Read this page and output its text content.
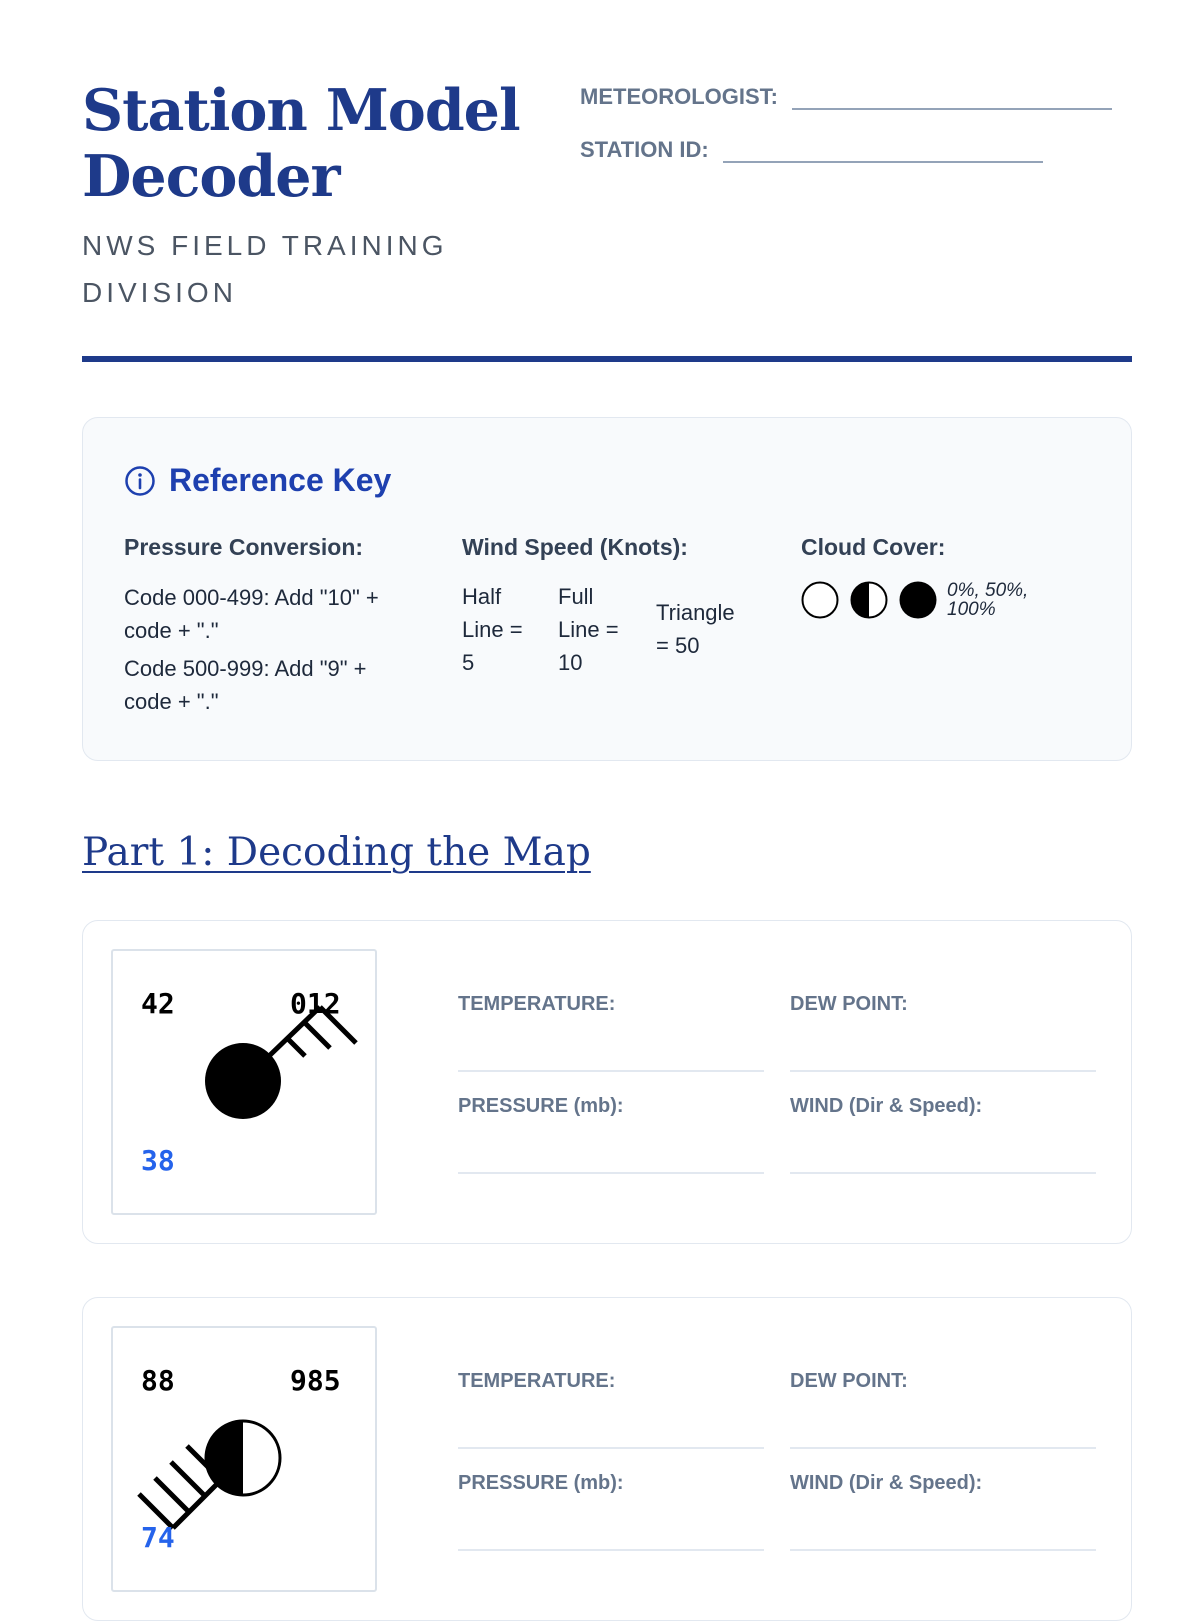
Station Model Decoder
NWS FIELD TRAINING DIVISION
METEOROLOGIST:
STATION ID:
Reference Key
Pressure Conversion:
Code 000-499: Add "10" + code + "."
Code 500-999: Add "9" + code + "."
Wind Speed (Knots):
Half Line = 5
Full Line = 10
Triangle = 50
Cloud Cover:
0%, 50%, 100%
Part 1: Decoding the Map
42	012
38
TEMPERATURE:	DEW POINT:
PRESSURE (mb):	WIND (Dir & Speed):
88	985
74
TEMPERATURE:	DEW POINT:
PRESSURE (mb):	WIND (Dir & Speed):
